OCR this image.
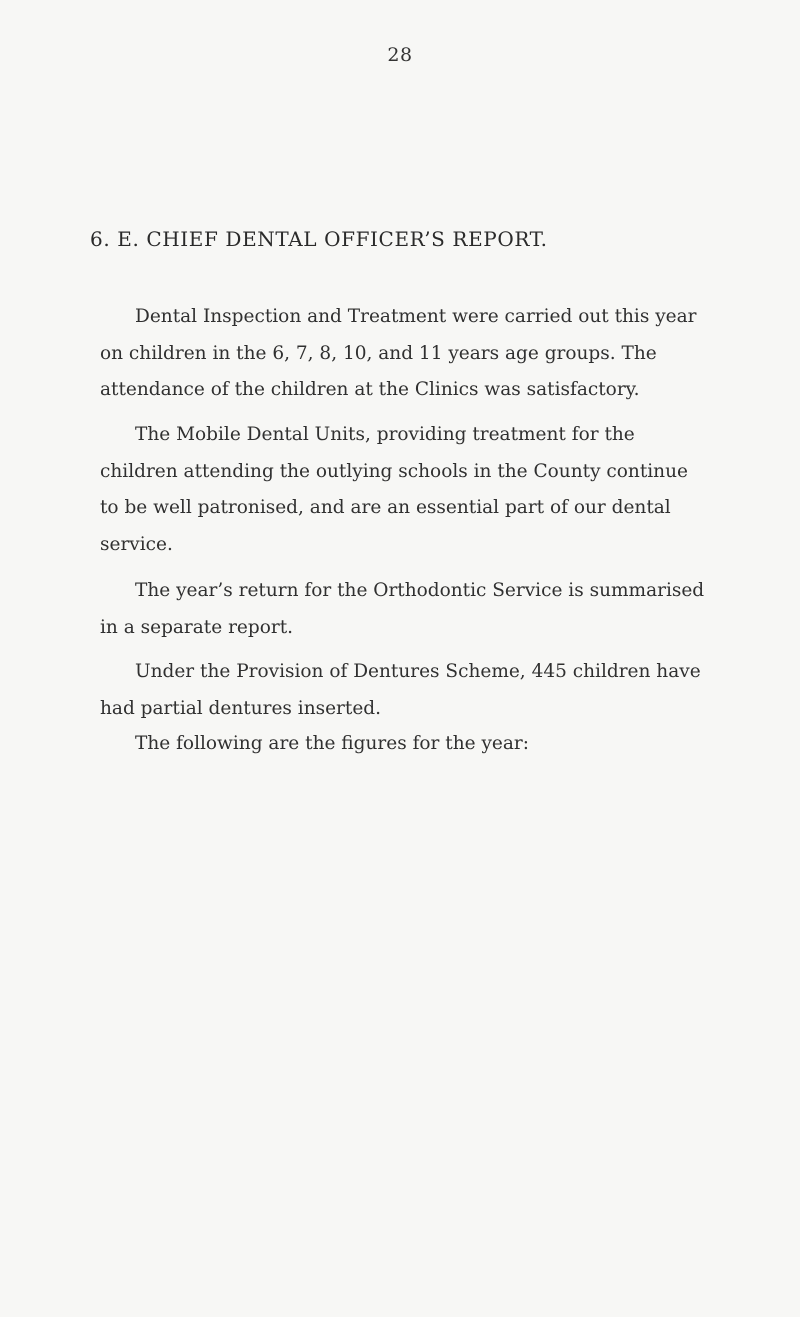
28
6. E. CHIEF DENTAL OFFICER’S REPORT.
Dental Inspection and Treatment were carried out this year
on children in the 6, 7, 8, 10, and 11 years age groups. The
attendance of the children at the Clinics was satisfactory.
The Mobile Dental Units, providing treatment for the
children attending the outlying schools in the County continue
to be well patronised, and are an essential part of our dental
service.
The year’s return for the Orthodontic Service is summarised
in a separate report.
Under the Provision of Dentures Scheme, 445 children have
had partial dentures inserted.
The following are the figures for the year:
